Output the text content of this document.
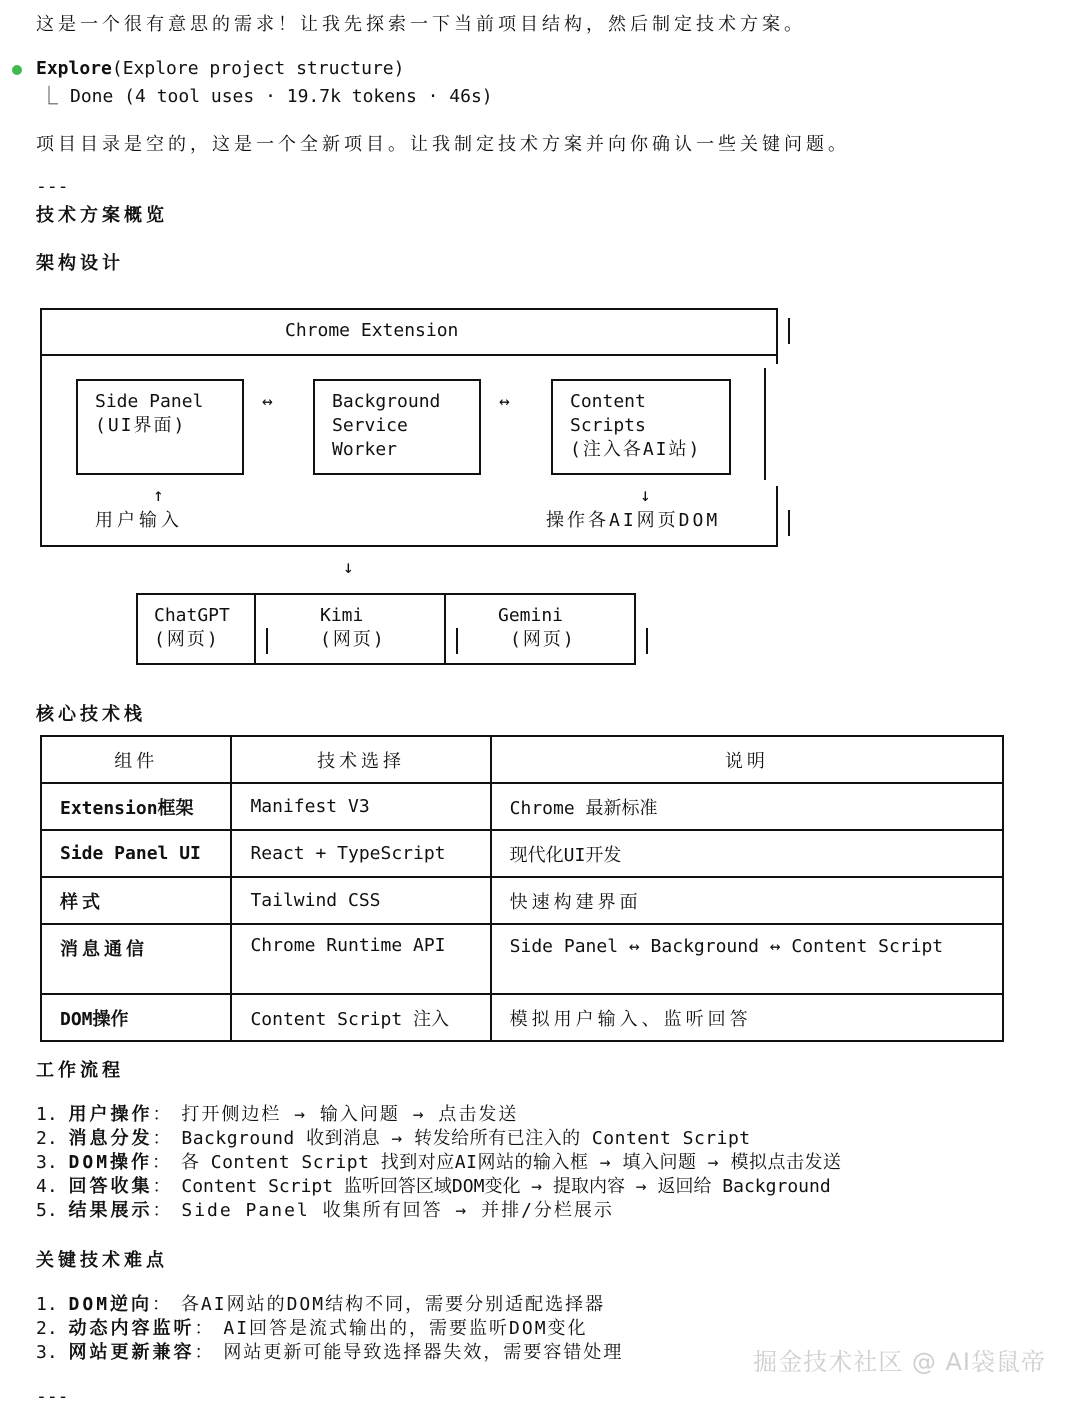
这是一个很有意思的需求！让我先探索一下当前项目结构，然后制定技术方案。
Explore(Explore project structure)
⎿ Done (4 tool uses · 19.7k tokens · 46s)
项目目录是空的，这是一个全新项目。让我制定技术方案并向你确认一些关键问题。
---
技术方案概览
架构设计
Chrome Extension
Side Panel
(UI界面)
↔	Background
Service
Worker
↔	Content
Scripts
(注入各AI站)
↑
用户输入
↓
操作各AI网页DOM
↓
ChatGPT
(网页)
Kimi
(网页)
Gemini
(网页)
核心技术栈
组件	技术选择	说明
Extension框架	Manifest V3	Chrome 最新标准
Side Panel UI	React + TypeScript	现代化UI开发
样式	Tailwind CSS	快速构建界面
消息通信	Chrome Runtime API	Side Panel ↔ Background ↔ Content Script
DOM操作	Content Script 注入	模拟用户输入、监听回答
工作流程
1. 用户操作： 打开侧边栏 → 输入问题 → 点击发送
2. 消息分发： Background 收到消息 → 转发给所有已注入的 Content Script
3. DOM操作： 各 Content Script 找到对应AI网站的输入框 → 填入问题 → 模拟点击发送
4. 回答收集： Content Script 监听回答区域DOM变化 → 提取内容 → 返回给 Background
5. 结果展示： Side Panel 收集所有回答 → 并排/分栏展示
关键技术难点
1. DOM逆向： 各AI网站的DOM结构不同，需要分别适配选择器
2. 动态内容监听： AI回答是流式输出的，需要监听DOM变化
3. 网站更新兼容： 网站更新可能导致选择器失效，需要容错处理
---
掘金技术社区 @ AI袋鼠帝
